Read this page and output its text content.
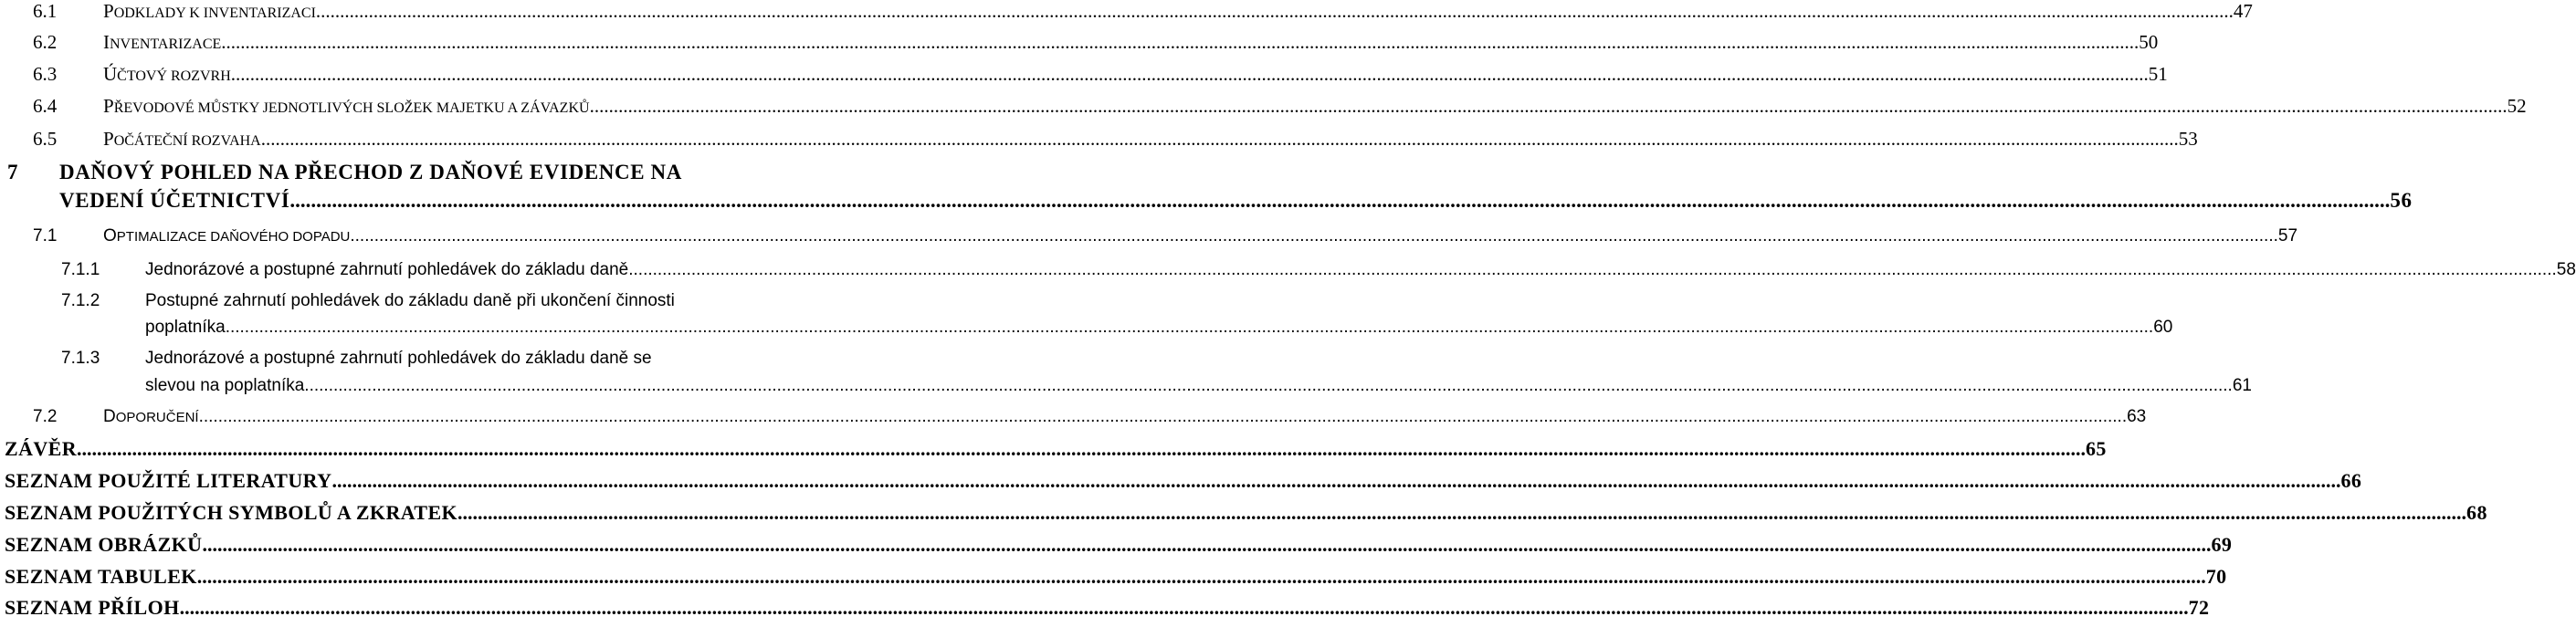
6.1 PODKLADY K INVENTARIZACI ................................................................................................................................................................................................................................................................................................................................................................................................................ 47
6.2 INVENTARIZACE ................................................................................................................................................................................................................................................................................................................................................................................................................ 50
6.3 ÚČTOVÝ ROZVRH ................................................................................................................................................................................................................................................................................................................................................................................................................ 51
6.4 PŘEVODOVÉ MŮSTKY JEDNOTLIVÝCH SLOŽEK MAJETKU A ZÁVAZKŮ ................................................................................................................................................................................................................................................................................................................................................................................................................ 52
6.5 POČÁTEČNÍ ROZVAHA ................................................................................................................................................................................................................................................................................................................................................................................................................ 53
7 DAŇOVÝ POHLED NA PŘECHOD Z DAŇOVÉ EVIDENCE NA
VEDENÍ ÚČETNICTVÍ ................................................................................................................................................................................................................................................................................................................................................................................................................ 56
7.1	OPTIMALIZACE DAŇOVÉHO DOPADU ................................................................................................................................................................................................................................................................................................................................................................................................................ 57
7.1.1	Jednorázové a postupné zahrnutí pohledávek do základu daně ................................................................................................................................................................................................................................................................................................................................................................................................................ 58
7.1.2	Postupné zahrnutí pohledávek do základu daně při ukončení činnosti
poplatníka ................................................................................................................................................................................................................................................................................................................................................................................................................ 60
7.1.3	Jednorázové a postupné zahrnutí pohledávek do základu daně se
slevou na poplatníka ................................................................................................................................................................................................................................................................................................................................................................................................................ 61
7.2	DOPORUČENÍ ................................................................................................................................................................................................................................................................................................................................................................................................................ 63
ZÁVĚR ................................................................................................................................................................................................................................................................................................................................................................................................................ 65
SEZNAM POUŽITÉ LITERATURY ................................................................................................................................................................................................................................................................................................................................................................................................................ 66
SEZNAM POUŽITÝCH SYMBOLŮ A ZKRATEK ................................................................................................................................................................................................................................................................................................................................................................................................................ 68
SEZNAM OBRÁZKŮ ................................................................................................................................................................................................................................................................................................................................................................................................................ 69
SEZNAM TABULEK ................................................................................................................................................................................................................................................................................................................................................................................................................ 70
SEZNAM PŘÍLOH ................................................................................................................................................................................................................................................................................................................................................................................................................ 72
